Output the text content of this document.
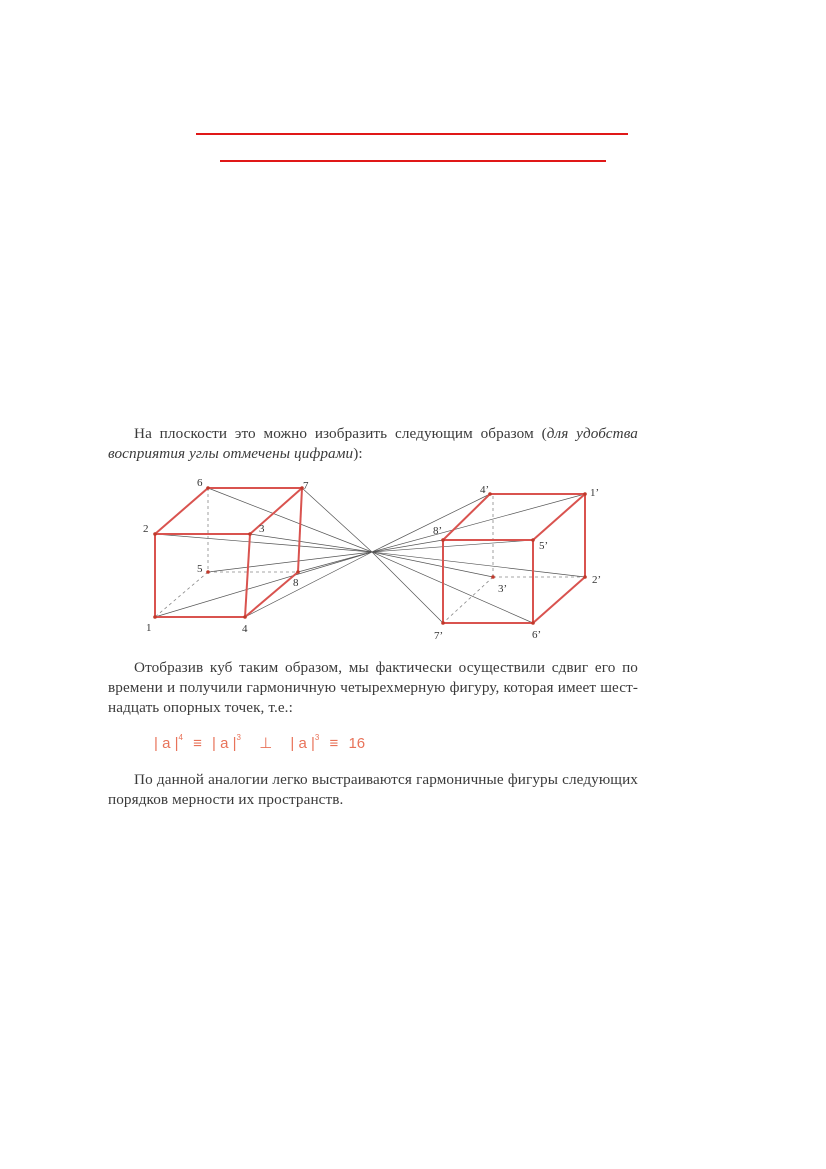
На плоскости это можно изобразить следующим образом (для удобства
восприятия углы отмечены цифрами):

1
2	3
4
5
6	7
8
1’
2’
3’
4’
5’
6’
7’
8’

Отобразив куб таким образом, мы фактически осуществили сдвиг его по
времени и получили гармоничную четырехмерную фигуру, которая имеет шест-
надцать опорных точек, т.е.:

| a $|^4$ ≡ | a $|^3$ ⊥ | a $|^3 \equiv 16$

По данной аналогии легко выстраиваются гармоничные фигуры следующих
порядков мерности их пространств.
